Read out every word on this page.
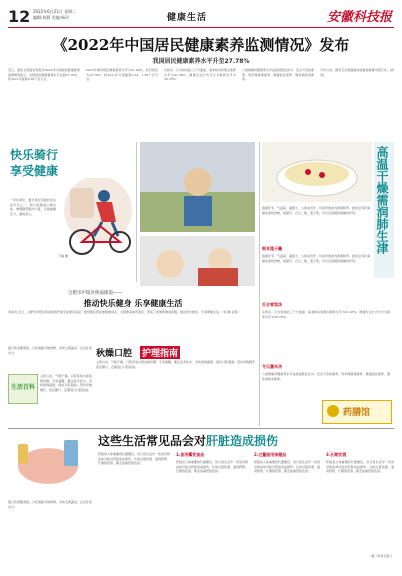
12 2022年6月21日 星期二
编辑:何静 美编:杨玲	健康生活	安徽科技报
《2022年中国居民健康素养监测情况》发布
我国居民健康素养水平升至27.78%
近日，国家卫健委官网发布2022年中国居民健康素养监测情况显示，全国居民健康素养水平达到27.78%，较2021年提高2.38个百分点。
2022年城市居民健康素养水平为31.94%，农村居民为23.78%，较2021年分别提高1.24、1.36个百分点。
从知识、行为和技能三个方面看，基本知识和理念素养水平为41.26%，健康生活方式与行为素养水平为28.78%。
六类健康问题素养水平由高到低依次为：安全与急救素养、科学健康观素养、健康信息素养、慢性病防治素养。
今年以来，国家卫生健康委持续推进健康中国行动，[资讯]
快乐骑行
享受健康
一年四季中，夏日骑行是最好的运动方式之一。骑行能锻炼心肺功能，增强腿部肌肉力量，还能缓解压力，愉悦身心。
万瑞 摄
高温干燥需润肺生津
盛夏时节，气温高，湿度大，人体易出汗，容易导致体内津液耗伤。此时宜多吃润肺生津的食物，如银耳、百合、梨、莲子等，可以达到清热润燥的作用。
银耳莲子羹
百合雪梨汤
冬瓜薏米汤
盛夏时节，气温高，湿度大，人体易出汗，容易导致体内津液耗伤。此时宜多吃润肺生津的食物，如银耳、百合、梨、莲子等，可以达到清热润燥的作用。
从知识、行为和技能三个方面看，基本知识和理念素养水平为41.26%，健康生活方式与行为素养水平为28.78%。
六类健康问题素养水平由高到低依次为：安全与急救素养、科学健康观素养、健康信息素养、慢性病防治素养。
药膳馆
合肥市庐阳区桥南街道——
推动快乐健身 乐享健康生活
本报讯 近日，合肥市庐阳区桥南街道开展全民健身活动，组织辖区居民参加健步走、太极拳等体育项目，营造了浓厚的健身氛围，推动快乐健身、乐享健康生活。（何 静 张婷）
秋燥口腔 护理指南
入秋以来，气候干燥，口腔容易出现各种问题。专家提醒，要注意多饮水，多吃新鲜蔬果，保持口腔湿润。坚持早晚刷牙，饭后漱口，定期进行口腔检查。
生活百科
夏日饮食要清淡，少吃油腻辛辣食物，多吃瓜果蔬菜，注意补充水分。
入秋以来，气候干燥，口腔容易出现各种问题。专家提醒，要注意多饮水，多吃新鲜蔬果，保持口腔湿润。坚持早晚刷牙，饭后漱口，定期进行口腔检查。
这些生活常见品会对肝脏造成损伤
肝脏是人体重要的代谢器官，但日常生活中一些常见物品却可能对肝脏造成损伤。比如过量饮酒、滥用药物、长期熬夜等，都会加重肝脏负担。
1.食用霉变食品
肝脏是人体重要的代谢器官，但日常生活中一些常见物品却可能对肝脏造成损伤。比如过量饮酒、滥用药物、长期熬夜等，都会加重肝脏负担。
2.过量服用保健品
肝脏是人体重要的代谢器官，但日常生活中一些常见物品却可能对肝脏造成损伤。比如过量饮酒、滥用药物、长期熬夜等，都会加重肝脏负担。
3.长期饮酒
肝脏是人体重要的代谢器官，但日常生活中一些常见物品却可能对肝脏造成损伤。比如过量饮酒、滥用药物、长期熬夜等，都会加重肝脏负担。
（据《科技日报》）
夏日饮食要清淡，少吃油腻辛辣食物，多吃瓜果蔬菜，注意补充水分。
